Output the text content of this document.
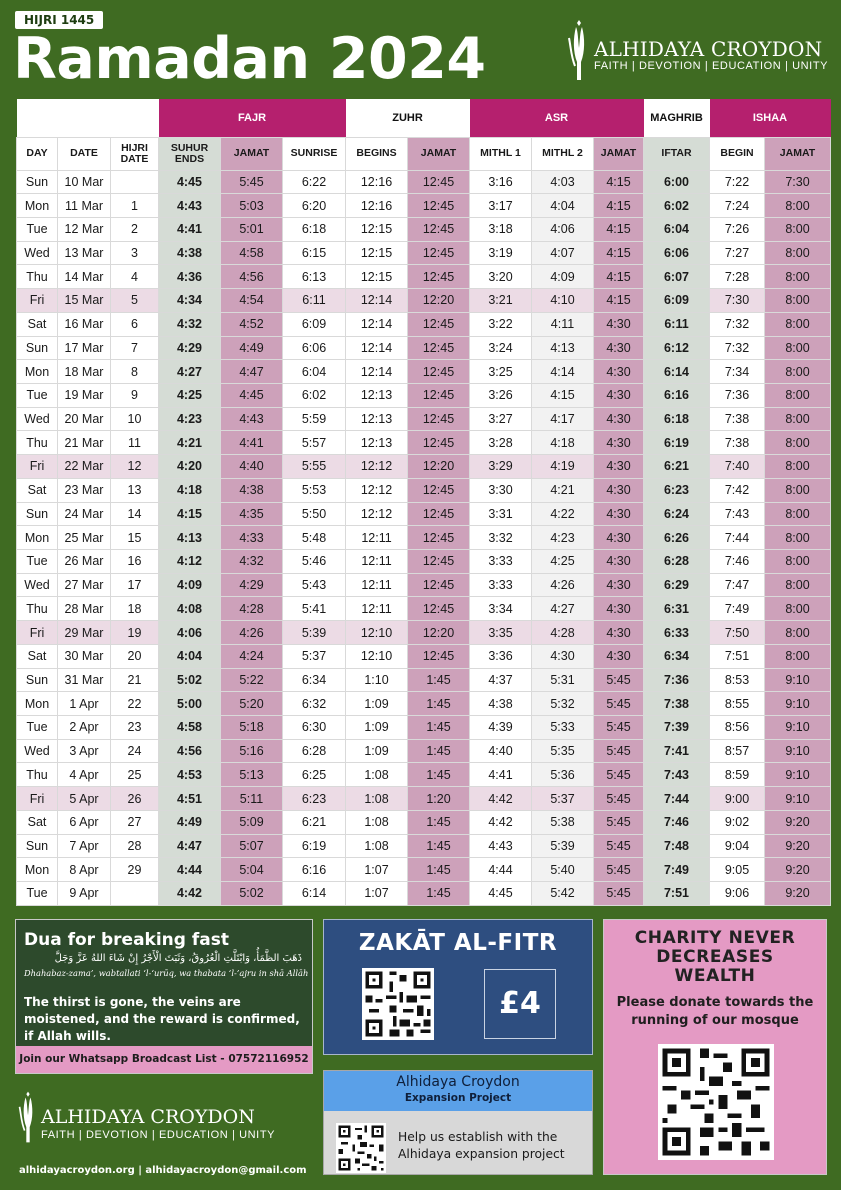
HIJRI 1445
Ramadan 2024	ALHIDAYA CROYDON
FAITH | DEVOTION | EDUCATION | UNITY
			FAJR			ZUHR		ASR			MAGHRIB	ISHAA	
DAY	DATE	HIJRI DATE	SUHUR ENDS	JAMAT	SUNRISE	BEGINS	JAMAT	MITHL 1	MITHL 2	JAMAT	IFTAR	BEGIN	JAMAT
Sun	10 Mar		4:45	5:45	6:22	12:16	12:45	3:16	4:03	4:15	6:00	7:22	7:30
Mon	11 Mar	1	4:43	5:03	6:20	12:16	12:45	3:17	4:04	4:15	6:02	7:24	8:00
Tue	12 Mar	2	4:41	5:01	6:18	12:15	12:45	3:18	4:06	4:15	6:04	7:26	8:00
Wed	13 Mar	3	4:38	4:58	6:15	12:15	12:45	3:19	4:07	4:15	6:06	7:27	8:00
Thu	14 Mar	4	4:36	4:56	6:13	12:15	12:45	3:20	4:09	4:15	6:07	7:28	8:00
Fri	15 Mar	5	4:34	4:54	6:11	12:14	12:20	3:21	4:10	4:15	6:09	7:30	8:00
Sat	16 Mar	6	4:32	4:52	6:09	12:14	12:45	3:22	4:11	4:30	6:11	7:32	8:00
Sun	17 Mar	7	4:29	4:49	6:06	12:14	12:45	3:24	4:13	4:30	6:12	7:32	8:00
Mon	18 Mar	8	4:27	4:47	6:04	12:14	12:45	3:25	4:14	4:30	6:14	7:34	8:00
Tue	19 Mar	9	4:25	4:45	6:02	12:13	12:45	3:26	4:15	4:30	6:16	7:36	8:00
Wed	20 Mar	10	4:23	4:43	5:59	12:13	12:45	3:27	4:17	4:30	6:18	7:38	8:00
Thu	21 Mar	11	4:21	4:41	5:57	12:13	12:45	3:28	4:18	4:30	6:19	7:38	8:00
Fri	22 Mar	12	4:20	4:40	5:55	12:12	12:20	3:29	4:19	4:30	6:21	7:40	8:00
Sat	23 Mar	13	4:18	4:38	5:53	12:12	12:45	3:30	4:21	4:30	6:23	7:42	8:00
Sun	24 Mar	14	4:15	4:35	5:50	12:12	12:45	3:31	4:22	4:30	6:24	7:43	8:00
Mon	25 Mar	15	4:13	4:33	5:48	12:11	12:45	3:32	4:23	4:30	6:26	7:44	8:00
Tue	26 Mar	16	4:12	4:32	5:46	12:11	12:45	3:33	4:25	4:30	6:28	7:46	8:00
Wed	27 Mar	17	4:09	4:29	5:43	12:11	12:45	3:33	4:26	4:30	6:29	7:47	8:00
Thu	28 Mar	18	4:08	4:28	5:41	12:11	12:45	3:34	4:27	4:30	6:31	7:49	8:00
Fri	29 Mar	19	4:06	4:26	5:39	12:10	12:20	3:35	4:28	4:30	6:33	7:50	8:00
Sat	30 Mar	20	4:04	4:24	5:37	12:10	12:45	3:36	4:30	4:30	6:34	7:51	8:00
Sun	31 Mar	21	5:02	5:22	6:34	1:10	1:45	4:37	5:31	5:45	7:36	8:53	9:10
Mon	1 Apr	22	5:00	5:20	6:32	1:09	1:45	4:38	5:32	5:45	7:38	8:55	9:10
Tue	2 Apr	23	4:58	5:18	6:30	1:09	1:45	4:39	5:33	5:45	7:39	8:56	9:10
Wed	3 Apr	24	4:56	5:16	6:28	1:09	1:45	4:40	5:35	5:45	7:41	8:57	9:10
Thu	4 Apr	25	4:53	5:13	6:25	1:08	1:45	4:41	5:36	5:45	7:43	8:59	9:10
Fri	5 Apr	26	4:51	5:11	6:23	1:08	1:20	4:42	5:37	5:45	7:44	9:00	9:10
Sat	6 Apr	27	4:49	5:09	6:21	1:08	1:45	4:42	5:38	5:45	7:46	9:02	9:20
Sun	7 Apr	28	4:47	5:07	6:19	1:08	1:45	4:43	5:39	5:45	7:48	9:04	9:20
Mon	8 Apr	29	4:44	5:04	6:16	1:07	1:45	4:44	5:40	5:45	7:49	9:05	9:20
Tue	9 Apr		4:42	5:02	6:14	1:07	1:45	4:45	5:42	5:45	7:51	9:06	9:20
Dua for breaking fast
ذَهَبَ الظَّمَأُ، وَابْتَلَّتِ الْعُرُوقُ، وَثَبَتَ الْأَجْرُ إِنْ شَاءَ اللهُ عَزَّ وَجَلَّ
Dhahabaz-zama’, wabtallati ‘l-‘urūq, wa thabata ‘l-’ajru in shā Allāh
The thirst is gone, the veins are moistened, and the reward is confirmed, if Allah wills.
Join our Whatsapp Broadcast List - 07572116952
ZAKĀT AL-FITR
£4
Alhidaya Croydon
Expansion Project
Help us establish with the Alhidaya expansion project
CHARITY NEVER DECREASES WEALTH
Please donate towards the running of our mosque
ALHIDAYA CROYDON
FAITH | DEVOTION | EDUCATION | UNITY
alhidayacroydon.org | alhidayacroydon@gmail.com
